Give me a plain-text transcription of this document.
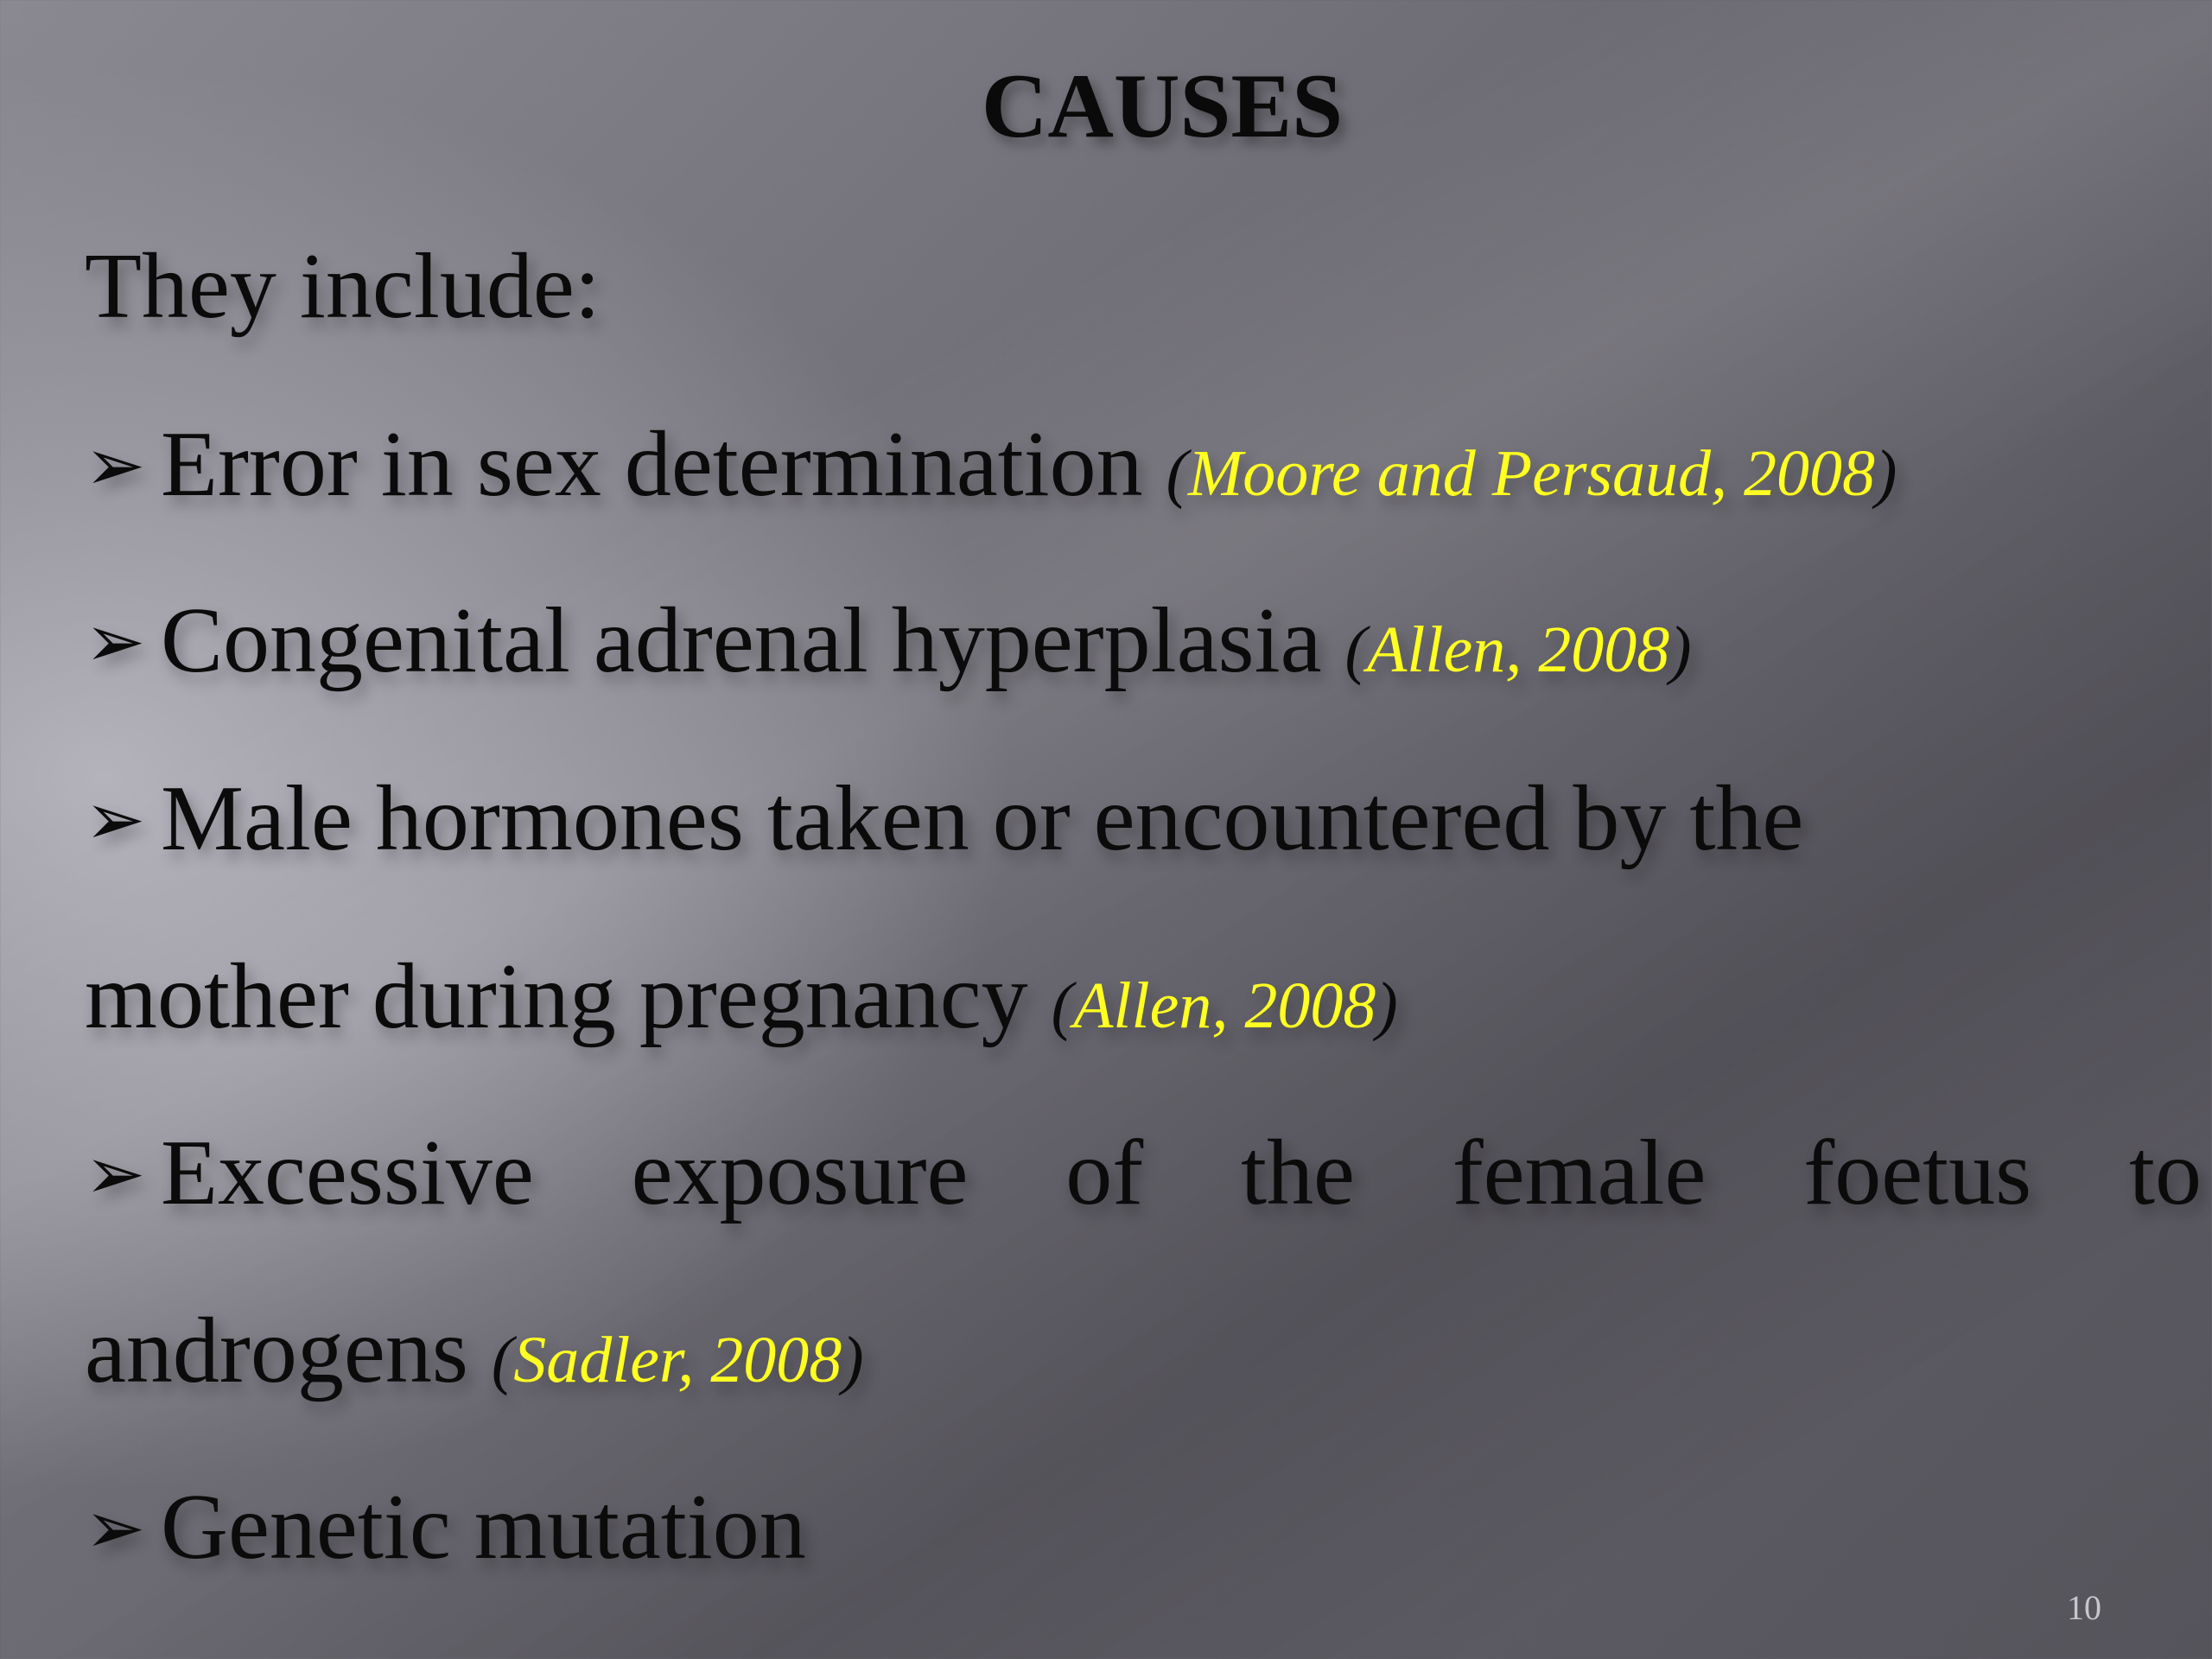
CAUSES
They include:
➢ Error in sex determination (Moore and Persaud, 2008)
➢ Congenital adrenal hyperplasia (Allen, 2008)
➢ Male hormones taken or encountered by the
mother during pregnancy (Allen, 2008)
➢ Excessive exposure of the female foetus to
androgens (Sadler, 2008)
➢ Genetic mutation
10
